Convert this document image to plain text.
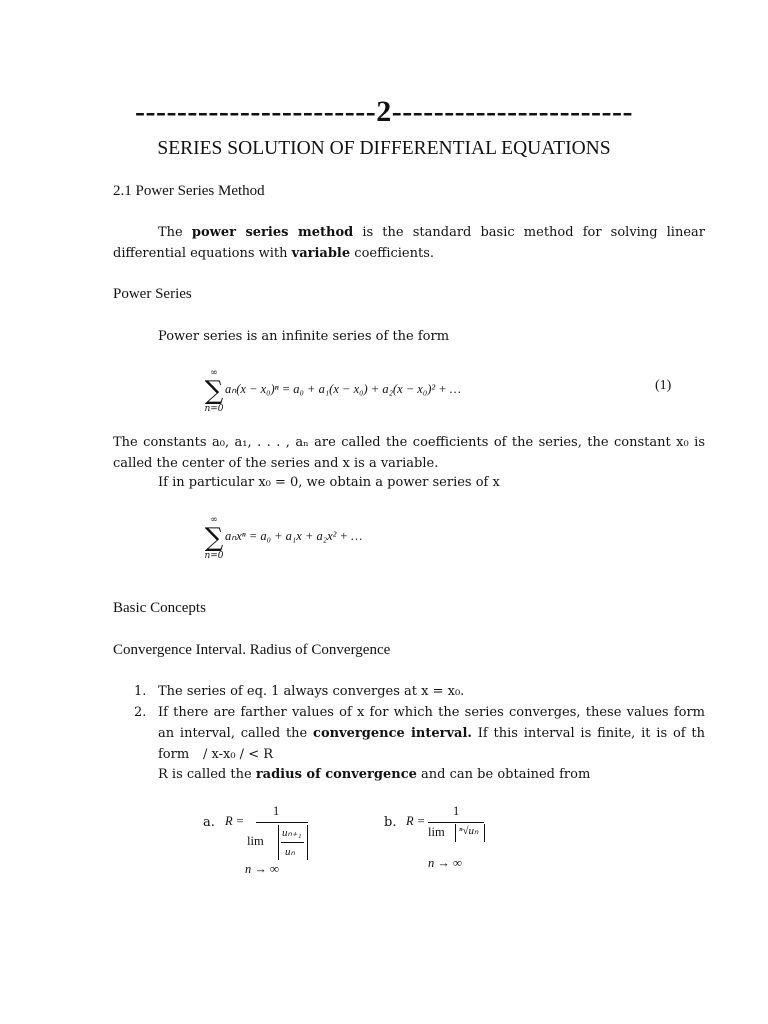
-----------------------2-----------------------
SERIES SOLUTION OF DIFFERENTIAL EQUATIONS
2.1 Power Series Method
The power series method is the standard basic method for solving linear differential equations with variable coefficients.
Power Series
Power series is an infinite series of the form
∞
∑
n=0
aₙ(x − x₀)ⁿ = a₀ + a₁(x − x₀) + a₂(x − x₀)² + …	(1)
The constants a₀, a₁, . . . , aₙ are called the coefficients of the series, the constant x₀ is called the center of the series and x is a variable.
If in particular x₀ = 0, we obtain a power series of x
∞
∑
n=0
aₙxⁿ = a₀ + a₁x + a₂x² + …
Basic Concepts
Convergence Interval. Radius of Convergence
1. The series of eq. 1 always converges at x = x₀.
2. If there are farther values of x for which the series converges, these values form an interval, called the convergence interval. If this interval is finite, it is of th form	/ x-x₀ / < R
R is called the radius of convergence and can be obtained from
a. R =
1
lim
uₙ₊₁
uₙ
n → ∞
b. R =
1
lim ⁿ√uₙ
n → ∞
